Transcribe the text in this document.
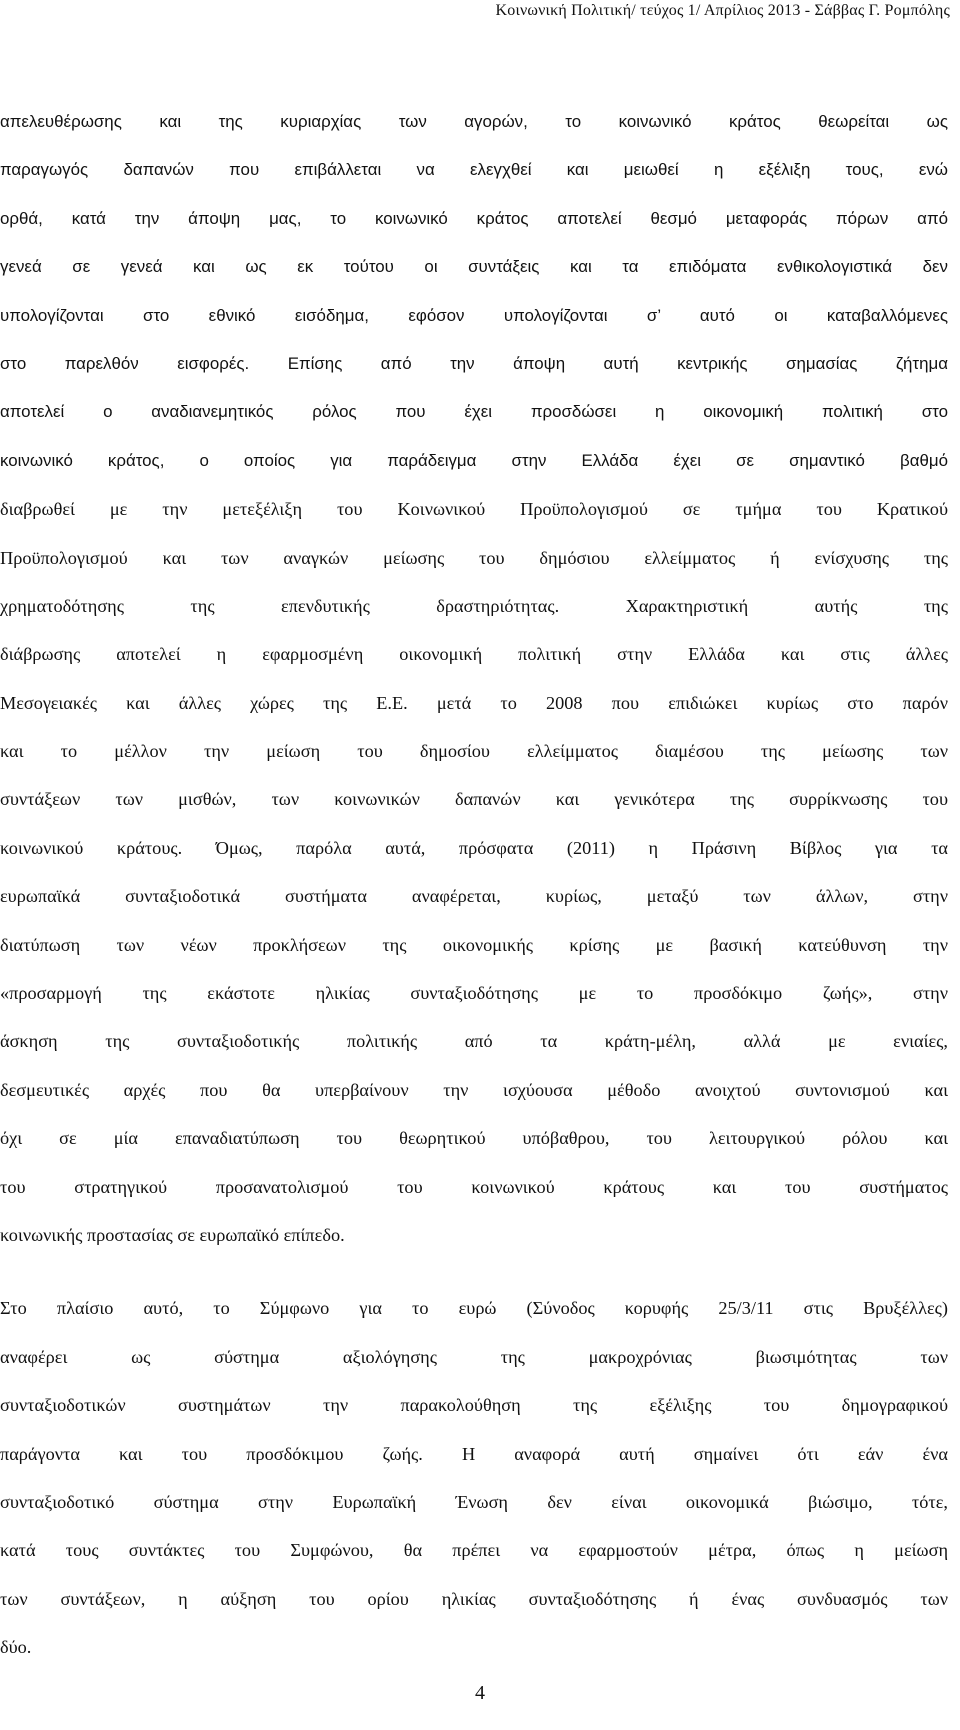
Κοινωνική Πολιτική/ τεύχος 1/ Απρίλιος 2013 - Σάββας Γ. Ρομπόλης
απελευθέρωσης και της κυριαρχίας των αγορών, το κοινωνικό κράτος θεωρείται ως
παραγωγός δαπανών που επιβάλλεται να ελεγχθεί και μειωθεί η εξέλιξη τους, ενώ
ορθά, κατά την άποψη μας, το κοινωνικό κράτος αποτελεί θεσμό μεταφοράς πόρων από
γενεά σε γενεά και ως εκ τούτου οι συντάξεις και τα επιδόματα ενθικολογιστικά δεν
υπολογίζονται στο εθνικό εισόδημα, εφόσον υπολογίζονται σ’ αυτό οι καταβαλλόμενες
στο παρελθόν εισφορές. Επίσης από την άποψη αυτή κεντρικής σημασίας ζήτημα
αποτελεί ο αναδιανεμητικός ρόλος που έχει προσδώσει η οικονομική πολιτική στο
κοινωνικό κράτος, ο οποίος για παράδειγμα στην Ελλάδα έχει σε σημαντικό βαθμό
διαβρωθεί με την μετεξέλιξη του Κοινωνικού Προϋπολογισμού σε τμήμα του Κρατικού
Προϋπολογισμού και των αναγκών μείωσης του δημόσιου ελλείμματος ή ενίσχυσης της
χρηματοδότησης της επενδυτικής δραστηριότητας. Χαρακτηριστική αυτής της
διάβρωσης αποτελεί η εφαρμοσμένη οικονομική πολιτική στην Ελλάδα και στις άλλες
Μεσογειακές και άλλες χώρες της Ε.Ε. μετά το 2008 που επιδιώκει κυρίως στο παρόν
και το μέλλον την μείωση του δημοσίου ελλείμματος διαμέσου της μείωσης των
συντάξεων των μισθών, των κοινωνικών δαπανών και γενικότερα της συρρίκνωσης του
κοινωνικού κράτους. Όμως, παρόλα αυτά, πρόσφατα (2011) η Πράσινη Βίβλος για τα
ευρωπαϊκά συνταξιοδοτικά συστήματα αναφέρεται, κυρίως, μεταξύ των άλλων, στην
διατύπωση των νέων προκλήσεων της οικονομικής κρίσης με βασική κατεύθυνση την
«προσαρμογή της εκάστοτε ηλικίας συνταξιοδότησης με το προσδόκιμο ζωής», στην
άσκηση της συνταξιοδοτικής πολιτικής από τα κράτη-μέλη, αλλά με ενιαίες,
δεσμευτικές αρχές που θα υπερβαίνουν την ισχύουσα μέθοδο ανοιχτού συντονισμού και
όχι σε μία επαναδιατύπωση του θεωρητικού υπόβαθρου, του λειτουργικού ρόλου και
του στρατηγικού προσανατολισμού του κοινωνικού κράτους και του συστήματος
κοινωνικής προστασίας σε ευρωπαϊκό επίπεδο.
Στο πλαίσιο αυτό, το Σύμφωνο για το ευρώ (Σύνοδος κορυφής 25/3/11 στις Βρυξέλλες)
αναφέρει ως σύστημα αξιολόγησης της μακροχρόνιας βιωσιμότητας των
συνταξιοδοτικών συστημάτων την παρακολούθηση της εξέλιξης του δημογραφικού
παράγοντα και του προσδόκιμου ζωής. Η αναφορά αυτή σημαίνει ότι εάν ένα
συνταξιοδοτικό σύστημα στην Ευρωπαϊκή Ένωση δεν είναι οικονομικά βιώσιμο, τότε,
κατά τους συντάκτες του Συμφώνου, θα πρέπει να εφαρμοστούν μέτρα, όπως η μείωση
των συντάξεων, η αύξηση του ορίου ηλικίας συνταξιοδότησης ή ένας συνδυασμός των
δύο.
4
